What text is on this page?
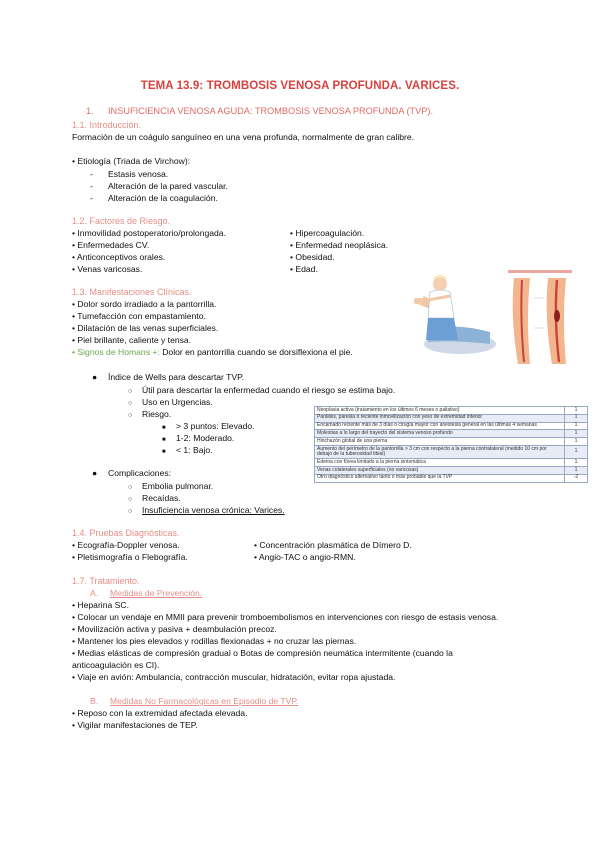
TEMA 13.9: TROMBOSIS VENOSA PROFUNDA. VARICES.
1. INSUFICIENCIA VENOSA AGUDA: TROMBOSIS VENOSA PROFUNDA (TVP).
1.1. Introducción.
Formación de un coágulo sanguíneo en una vena profunda, normalmente de gran calibre.
• Etiología (Triada de Virchow):
- Estasis venosa.
- Alteración de la pared vascular.
- Alteración de la coagulación.
1.2. Factores de Riesgo.
• Inmovilidad postoperatorio/prolongada.
• Enfermedades CV.
• Anticonceptivos orales.
• Venas varicosas.
• Hipercoagulación.
• Enfermedad neoplásica.
• Obesidad.
• Edad.
1.3. Manifestaciones Clínicas.
• Dolor sordo irradiado a la pantorrilla.
• Tumefacción con empastamiento.
• Dilatación de las venas superficiales.
• Piel brillante, caliente y tensa.
• Signos de Homans +: Dolor en pantorrilla cuando se dorsiflexiona el pie.
● Índice de Wells para descartar TVP.
○ Útil para descartar la enfermedad cuando el riesgo se estima bajo.
○ Uso en Urgencias.
○ Riesgo.
■ > 3 puntos: Elevado.
■ 1-2: Moderado.
■ < 1: Bajo.
Neoplasia activa (tratamiento en los últimos 6 meses o paliativo)	1
Parálisis, paresia o reciente inmovilización con yeso de extremidad inferior	1
Encamado reciente más de 3 días o cirugía mayor con anestesia general en las últimas 4 semanas	1
Molestias a lo largo del trayecto del sistema venoso profundo	1
Hinchazón global de una pierna	1
Aumento del perímetro de la pantorrilla > 3 cm con respecto a la pierna contralateral (medido 10 cm por debajo de la tuberosidad tibial)	1
Edema con fóvea limitado a la pierna sintomática	1
Venas colaterales superficiales (no varicosas)	1
Otro diagnóstico alternativo tanto o más probable que la TVP	-2
● Complicaciones:
○ Embolia pulmonar.
○ Recaídas.
○ Insuficiencia venosa crónica: Varices.
1.4. Pruebas Diagnósticas.
• Ecografía-Doppler venosa.
• Pletismografía o Flebografía.
• Concentración plasmática de Dímero D.
• Angio-TAC o angio-RMN.
1.7. Tratamiento.
A. Medidas de Prevención.
• Heparina SC.
• Colocar un vendaje en MMII para prevenir tromboembolismos en intervenciones con riesgo de estasis venosa.
• Movilización activa y pasiva + deambulación precoz.
• Mantener los pies elevados y rodillas flexionadas + no cruzar las piernas.
• Medias elásticas de compresión gradual o Botas de compresión neumática intermitente (cuando la
anticoagulación es CI).
• Viaje en avión: Ambulancia, contracción muscular, hidratación, evitar ropa ajustada.
B. Medidas No Farmacológicas en Episodio de TVP.
• Reposo con la extremidad afectada elevada.
• Vigilar manifestaciones de TEP.
